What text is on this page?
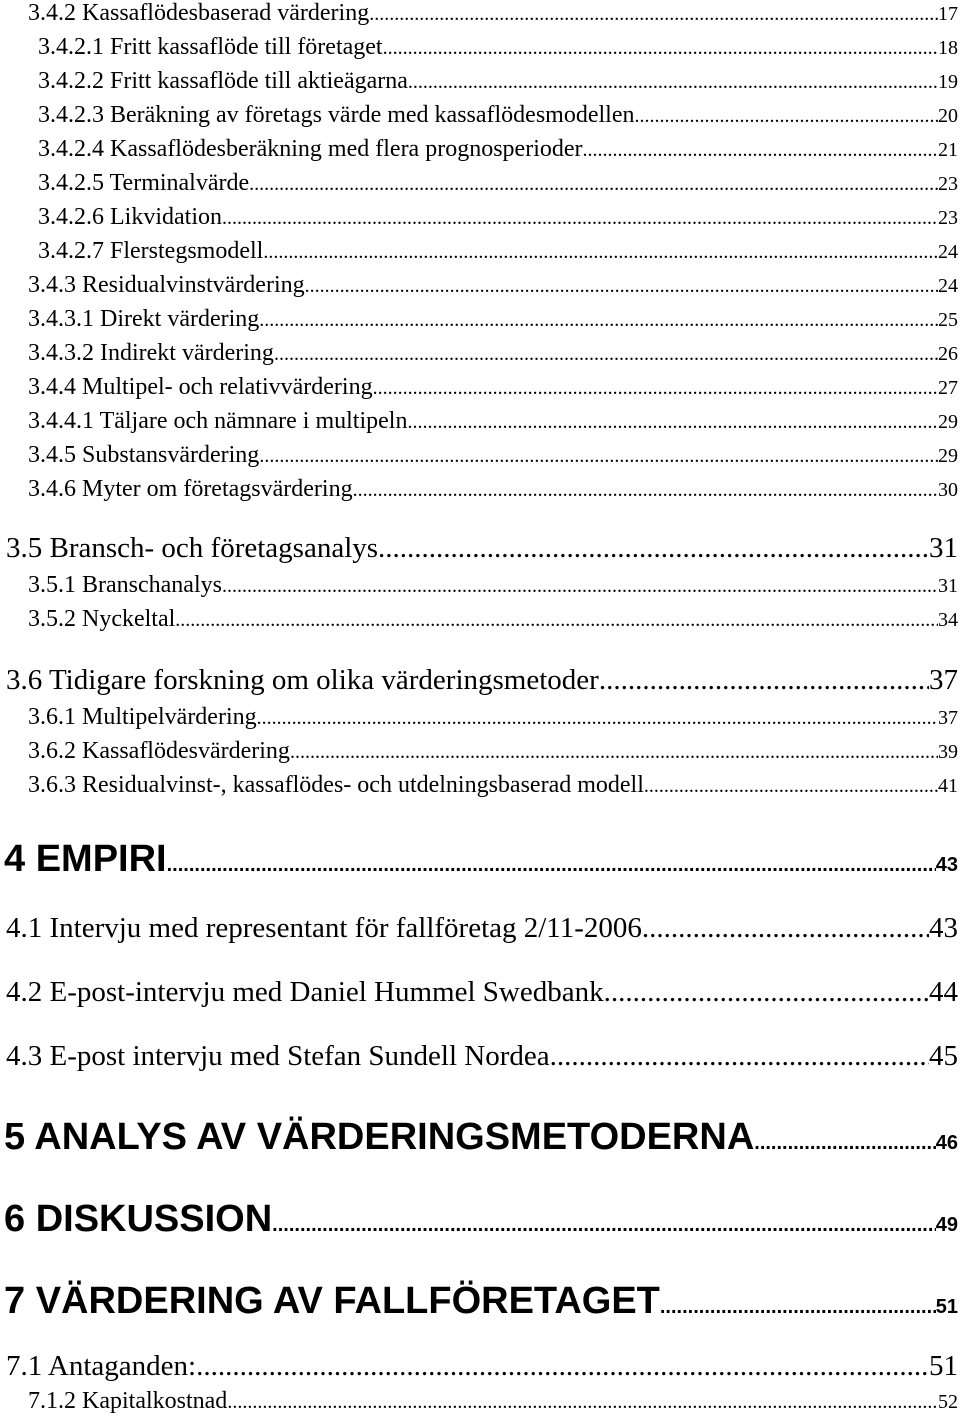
3.4.2 Kassaflödesbaserad värdering .....	17
3.4.2.1 Fritt kassaflöde till företaget .....	18
3.4.2.2 Fritt kassaflöde till aktieägarna .....	19
3.4.2.3 Beräkning av företags värde med kassaflödesmodellen .....	20
3.4.2.4 Kassaflödesberäkning med flera prognosperioder .....	21
3.4.2.5 Terminalvärde .....	23
3.4.2.6 Likvidation .....	23
3.4.2.7 Flerstegsmodell .....	24
3.4.3 Residualvinstvärdering .....	24
3.4.3.1 Direkt värdering .....	25
3.4.3.2 Indirekt värdering .....	26
3.4.4 Multipel- och relativvärdering .....	27
3.4.4.1 Täljare och nämnare i multipeln .....	29
3.4.5 Substansvärdering .....	29
3.4.6 Myter om företagsvärdering .....	30
3.5 Bransch- och företagsanalys .....	31
3.5.1 Branschanalys .....	31
3.5.2 Nyckeltal .....	34
3.6 Tidigare forskning om olika värderingsmetoder .....	37
3.6.1 Multipelvärdering .....	37
3.6.2 Kassaflödesvärdering .....	39
3.6.3 Residualvinst-, kassaflödes- och utdelningsbaserad modell .....	41
4 EMPIRI .....	43
4.1 Intervju med representant för fallföretag 2/11-2006 .....	43
4.2 E-post-intervju med Daniel Hummel Swedbank .....	44
4.3 E-post intervju med Stefan Sundell Nordea .....	45
5 ANALYS AV VÄRDERINGSMETODERNA .....	46
6 DISKUSSION .....	49
7 VÄRDERING AV FALLFÖRETAGET .....	51
7.1 Antaganden: .....	51
7.1.2 Kapitalkostnad .....	52
